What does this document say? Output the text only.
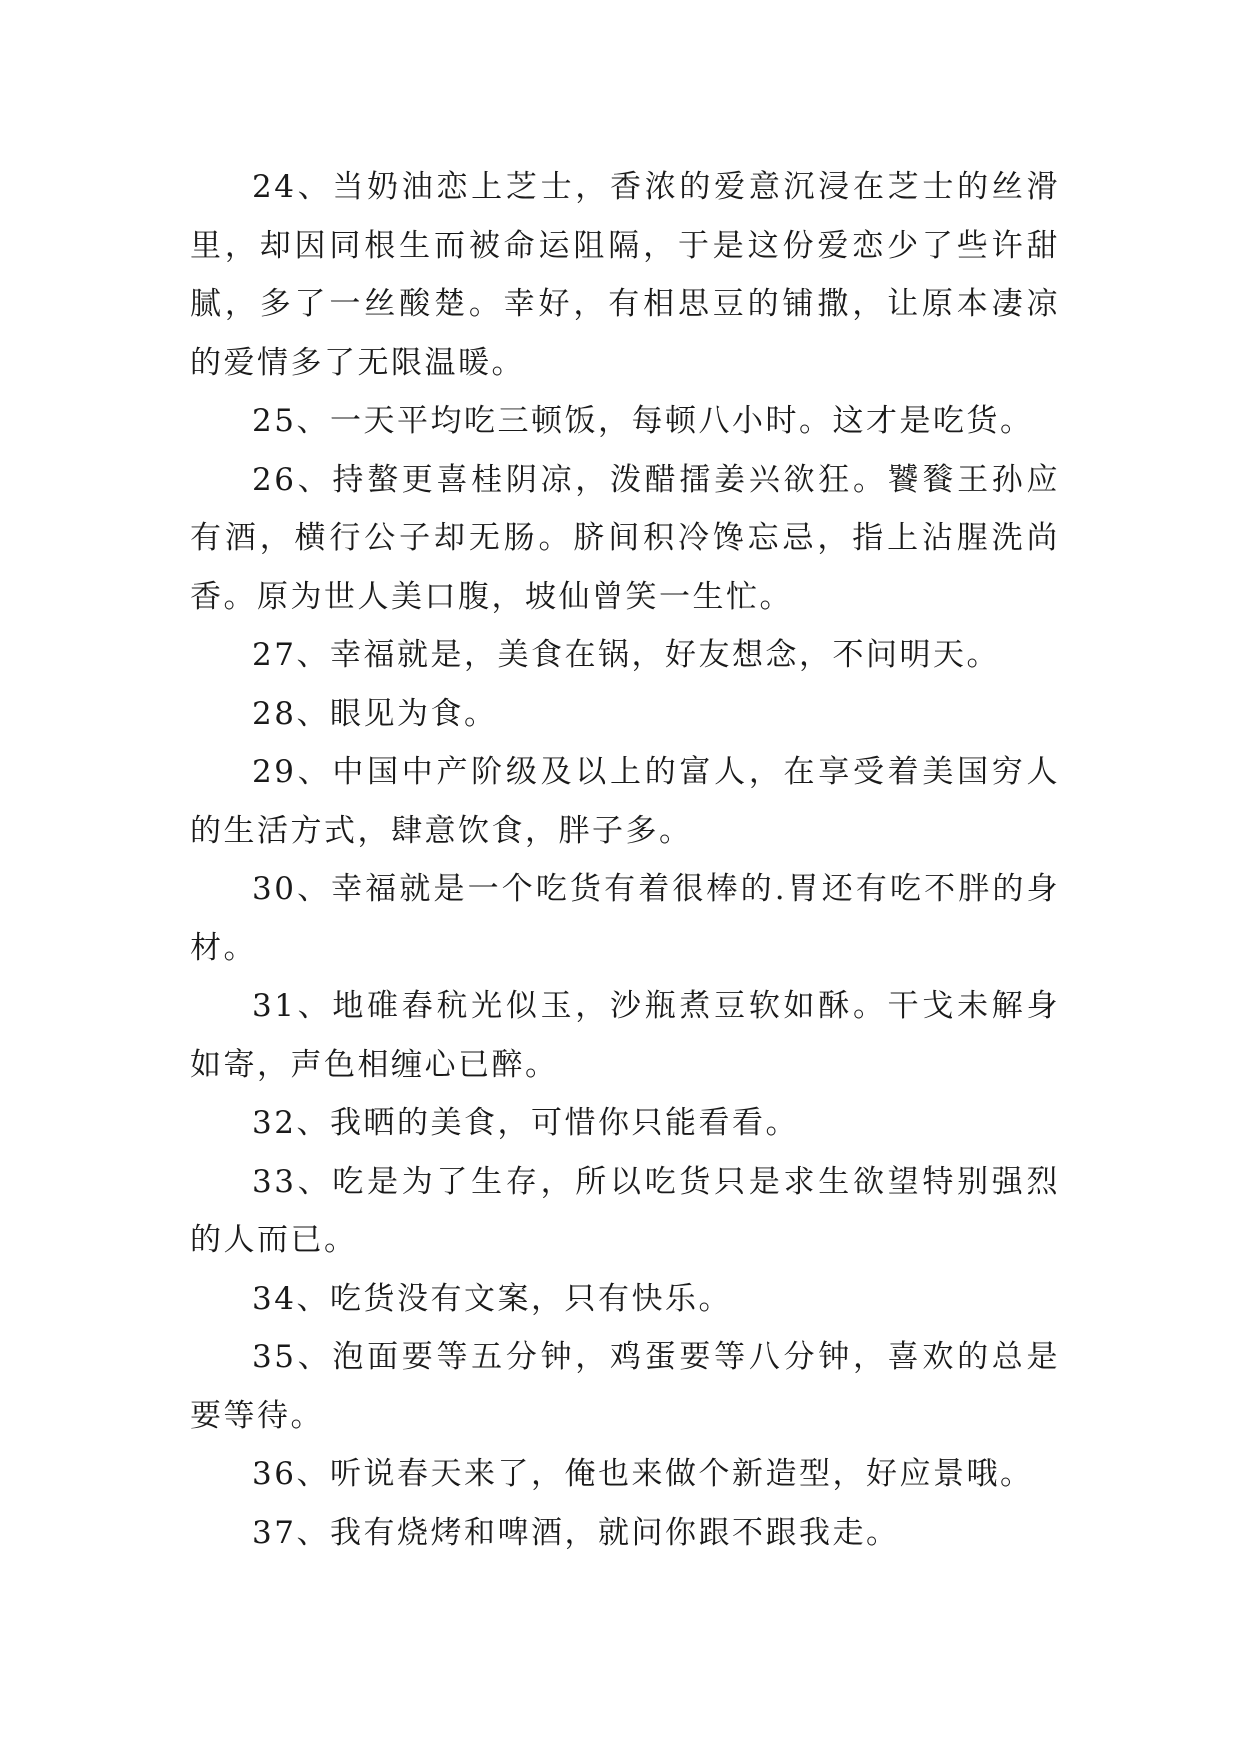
24、当奶油恋上芝士，香浓的爱意沉浸在芝士的丝滑里，却因同根生而被命运阻隔，于是这份爱恋少了些许甜腻，多了一丝酸楚。幸好，有相思豆的铺撒，让原本凄凉的爱情多了无限温暖。

25、一天平均吃三顿饭，每顿八小时。这才是吃货。

26、持螯更喜桂阴凉，泼醋擂姜兴欲狂。饕餮王孙应有酒，横行公子却无肠。脐间积冷馋忘忌，指上沾腥洗尚香。原为世人美口腹，坡仙曾笑一生忙。

27、幸福就是，美食在锅，好友想念，不问明天。

28、眼见为食。

29、中国中产阶级及以上的富人，在享受着美国穷人的生活方式，肆意饮食，胖子多。

30、幸福就是一个吃货有着很棒的.胃还有吃不胖的身材。

31、地碓舂秔光似玉，沙瓶煮豆软如酥。干戈未解身如寄，声色相缠心已醉。

32、我晒的美食，可惜你只能看看。

33、吃是为了生存，所以吃货只是求生欲望特别强烈的人而已。

34、吃货没有文案，只有快乐。

35、泡面要等五分钟，鸡蛋要等八分钟，喜欢的总是要等待。

36、听说春天来了，俺也来做个新造型，好应景哦。

37、我有烧烤和啤酒，就问你跟不跟我走。
